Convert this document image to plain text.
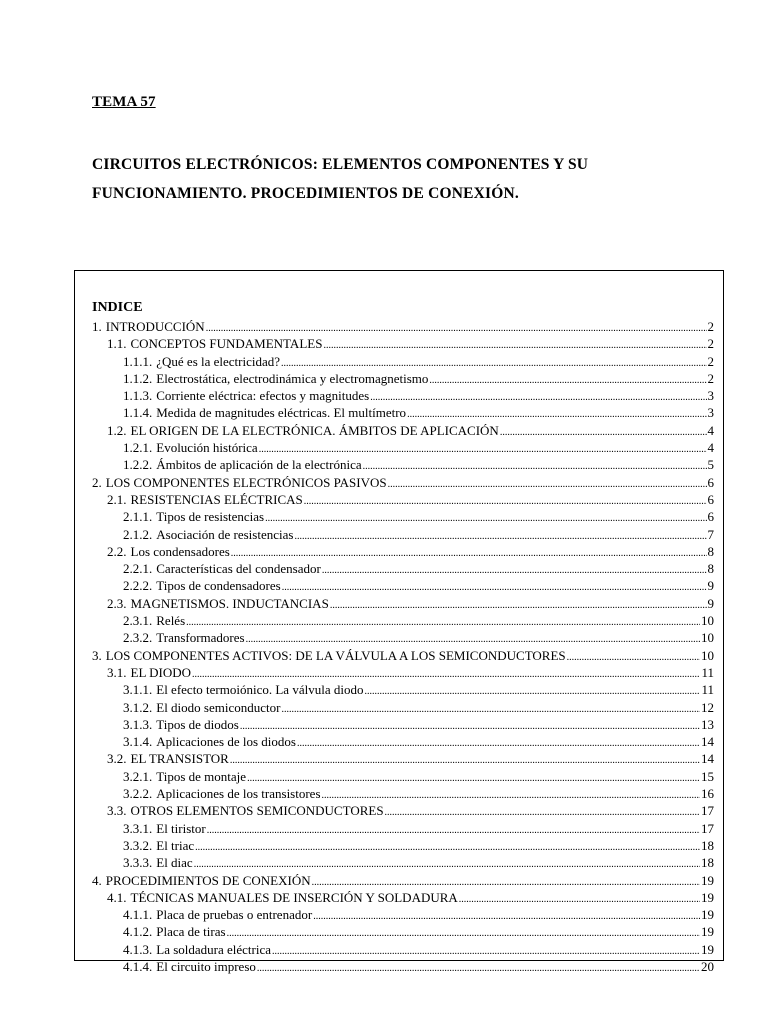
TEMA 57
CIRCUITOS ELECTRÓNICOS: ELEMENTOS COMPONENTES Y SU FUNCIONAMIENTO. PROCEDIMIENTOS DE CONEXIÓN.
INDICE
1. INTRODUCCIÓN .....	2
1.1. CONCEPTOS FUNDAMENTALES .....	2
1.1.1. ¿Qué es la electricidad? .....	2
1.1.2. Electrostática, electrodinámica y electromagnetismo .....	2
1.1.3. Corriente eléctrica: efectos y magnitudes .....	3
1.1.4. Medida de magnitudes eléctricas. El multímetro .....	3
1.2. EL ORIGEN DE LA ELECTRÓNICA. ÁMBITOS DE APLICACIÓN .....	4
1.2.1. Evolución histórica .....	4
1.2.2. Ámbitos de aplicación de la electrónica .....	5
2. LOS COMPONENTES ELECTRÓNICOS PASIVOS .....	6
2.1. RESISTENCIAS ELÉCTRICAS .....	6
2.1.1. Tipos de resistencias .....	6
2.1.2. Asociación de resistencias .....	7
2.2. Los condensadores .....	8
2.2.1. Características del condensador .....	8
2.2.2. Tipos de condensadores .....	9
2.3. MAGNETISMOS. INDUCTANCIAS .....	9
2.3.1. Relés .....	10
2.3.2. Transformadores .....	10
3. LOS COMPONENTES ACTIVOS: DE LA VÁLVULA A LOS SEMICONDUCTORES .....	10
3.1. EL DIODO .....	11
3.1.1. El efecto termoiónico. La válvula diodo .....	11
3.1.2. El diodo semiconductor .....	12
3.1.3. Tipos de diodos .....	13
3.1.4. Aplicaciones de los diodos .....	14
3.2. EL TRANSISTOR .....	14
3.2.1. Tipos de montaje .....	15
3.2.2. Aplicaciones de los transistores .....	16
3.3. OTROS ELEMENTOS SEMICONDUCTORES .....	17
3.3.1. El tiristor .....	17
3.3.2. El triac .....	18
3.3.3. El diac .....	18
4. PROCEDIMIENTOS DE CONEXIÓN .....	19
4.1. TÉCNICAS MANUALES DE INSERCIÓN Y SOLDADURA .....	19
4.1.1. Placa de pruebas o entrenador .....	19
4.1.2. Placa de tiras .....	19
4.1.3. La soldadura eléctrica .....	19
4.1.4. El circuito impreso .....	20
